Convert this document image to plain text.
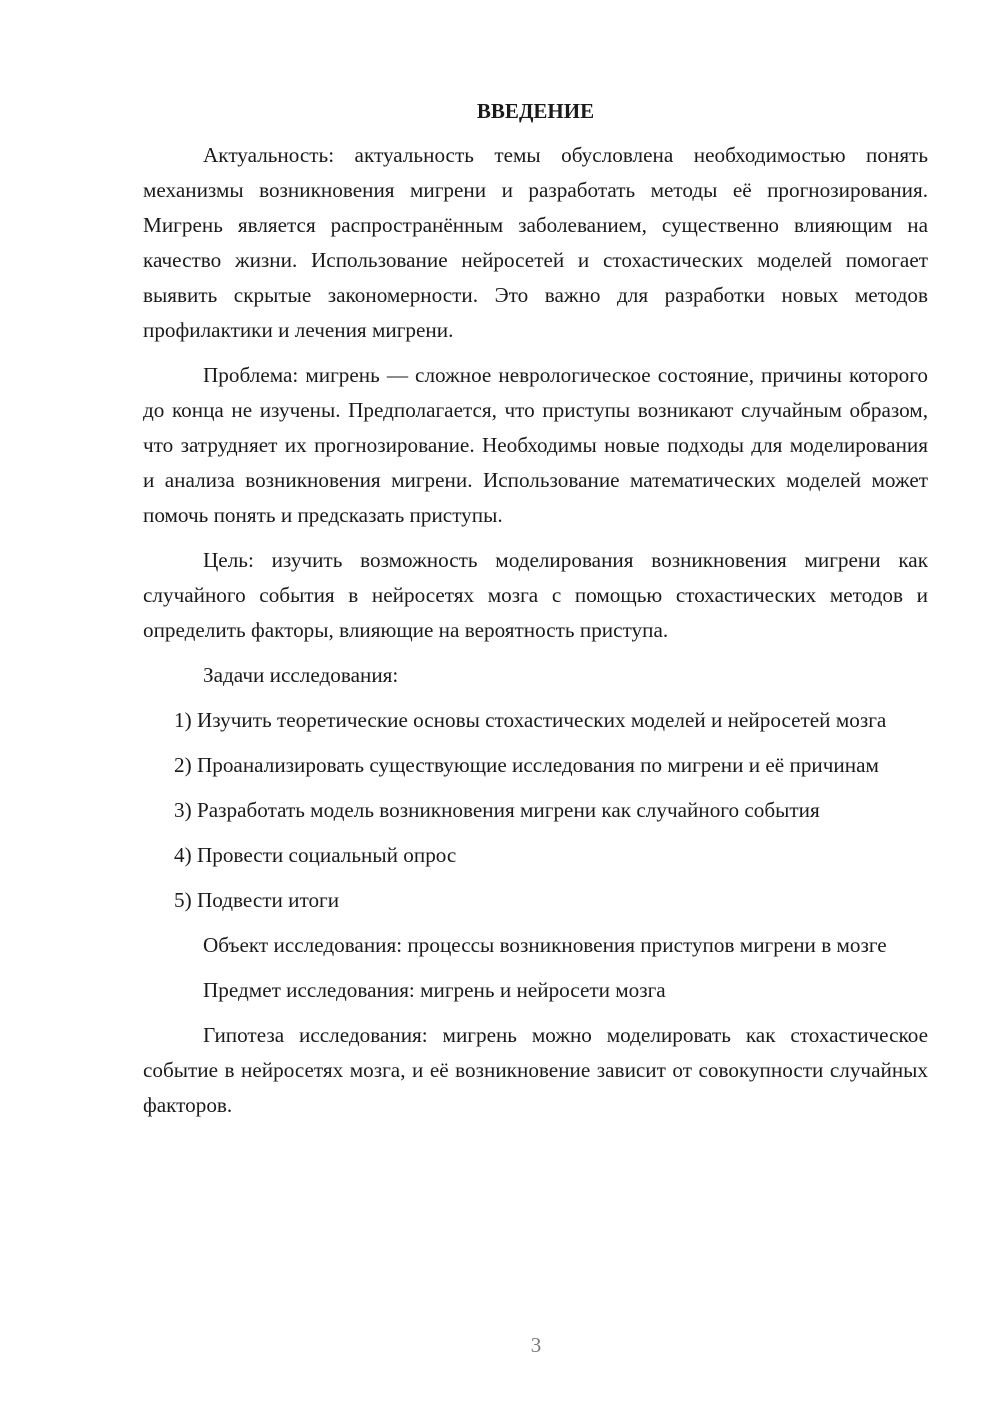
ВВЕДЕНИЕ

Актуальность: актуальность темы обусловлена необходимостью понять механизмы возникновения мигрени и разработать методы её прогнозирования. Мигрень является распространённым заболеванием, существенно влияющим на качество жизни. Использование нейросетей и стохастических моделей помогает выявить скрытые закономерности. Это важно для разработки новых методов профилактики и лечения мигрени.

Проблема: мигрень — сложное неврологическое состояние, причины которого до конца не изучены. Предполагается, что приступы возникают случайным образом, что затрудняет их прогнозирование. Необходимы новые подходы для моделирования и анализа возникновения мигрени. Использование математических моделей может помочь понять и предсказать приступы.

Цель: изучить возможность моделирования возникновения мигрени как случайного события в нейросетях мозга с помощью стохастических методов и определить факторы, влияющие на вероятность приступа.

Задачи исследования:

1) Изучить теоретические основы стохастических моделей и нейросетей мозга

2) Проанализировать существующие исследования по мигрени и её причинам

3) Разработать модель возникновения мигрени как случайного события

4) Провести социальный опрос

5) Подвести итоги

Объект исследования: процессы возникновения приступов мигрени в мозге

Предмет исследования: мигрень и нейросети мозга

Гипотеза исследования: мигрень можно моделировать как стохастическое событие в нейросетях мозга, и её возникновение зависит от совокупности случайных факторов.

3
